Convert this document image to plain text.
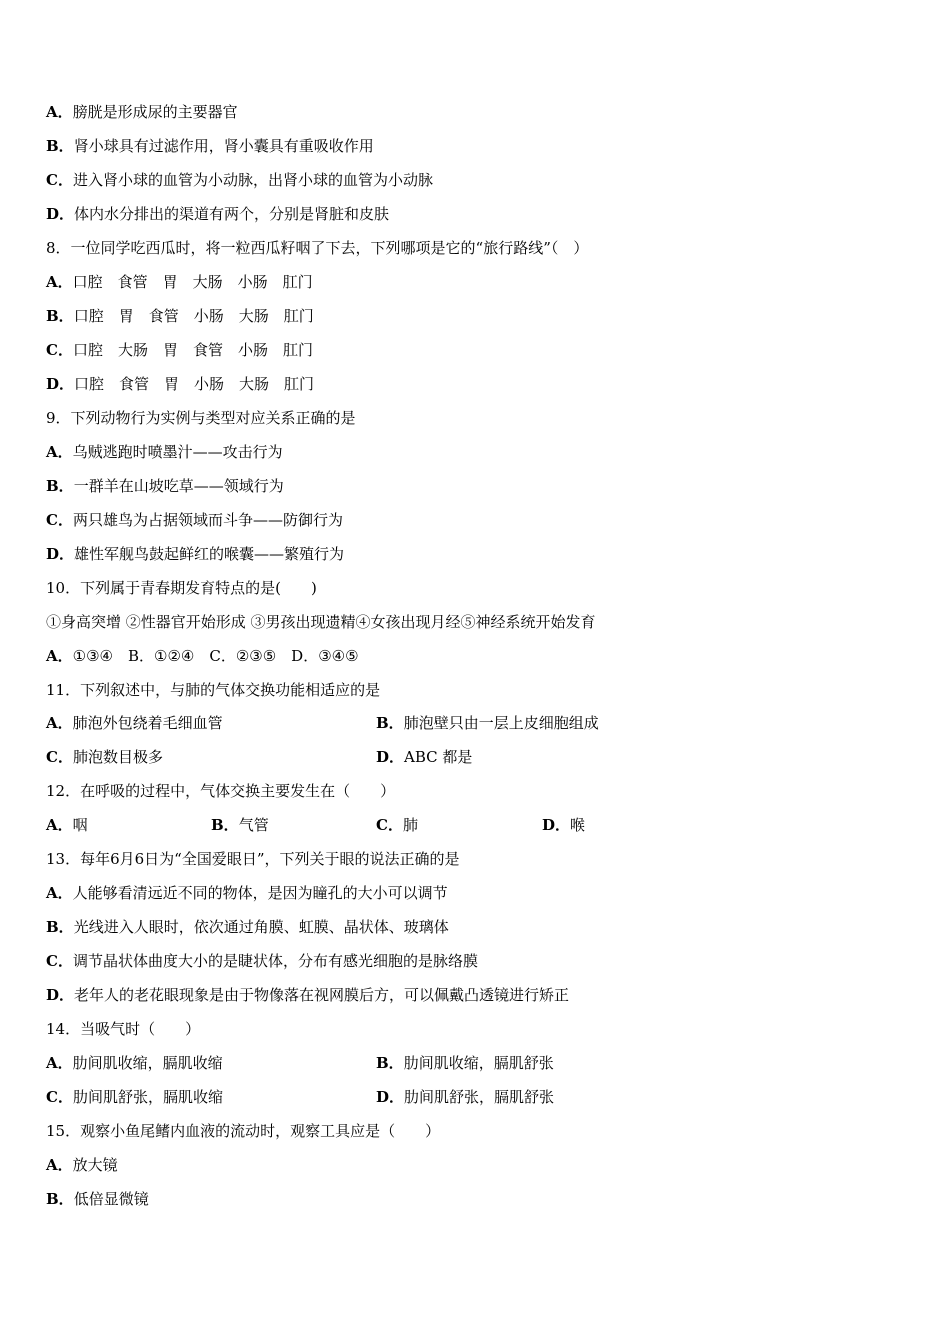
A．膀胱是形成尿的主要器官
B．肾小球具有过滤作用，肾小囊具有重吸收作用
C．进入肾小球的血管为小动脉，出肾小球的血管为小动脉
D．体内水分排出的渠道有两个，分别是肾脏和皮肤
8．一位同学吃西瓜时，将一粒西瓜籽咽了下去，下列哪项是它的“旅行路线”（　）
A．口腔　食管　胃　大肠　小肠　肛门
B．口腔　胃　食管　小肠　大肠　肛门
C．口腔　大肠　胃　食管　小肠　肛门
D．口腔　食管　胃　小肠　大肠　肛门
9．下列动物行为实例与类型对应关系正确的是
A．乌贼逃跑时喷墨汁——攻击行为
B．一群羊在山坡吃草——领域行为
C．两只雄鸟为占据领域而斗争——防御行为
D．雄性军舰鸟鼓起鲜红的喉囊——繁殖行为
10．下列属于青春期发育特点的是(　　)
①身高突增 ②性器官开始形成 ③男孩出现遗精④女孩出现月经⑤神经系统开始发育
A．①③④　B．①②④　C．②③⑤　D．③④⑤
11．下列叙述中，与肺的气体交换功能相适应的是
A．肺泡外包绕着毛细血管	B．肺泡壁只由一层上皮细胞组成
C．肺泡数目极多	D．ABC 都是
12．在呼吸的过程中，气体交换主要发生在（　　）
A．咽	B．气管	C．肺	D．喉
13．每年6月6日为“全国爱眼日”，下列关于眼的说法正确的是
A．人能够看清远近不同的物体，是因为瞳孔的大小可以调节
B．光线进入人眼时，依次通过角膜、虹膜、晶状体、玻璃体
C．调节晶状体曲度大小的是睫状体，分布有感光细胞的是脉络膜
D．老年人的老花眼现象是由于物像落在视网膜后方，可以佩戴凸透镜进行矫正
14．当吸气时（　　）
A．肋间肌收缩，膈肌收缩	B．肋间肌收缩，膈肌舒张
C．肋间肌舒张，膈肌收缩	D．肋间肌舒张，膈肌舒张
15．观察小鱼尾鳍内血液的流动时，观察工具应是（　　）
A．放大镜
B．低倍显微镜
